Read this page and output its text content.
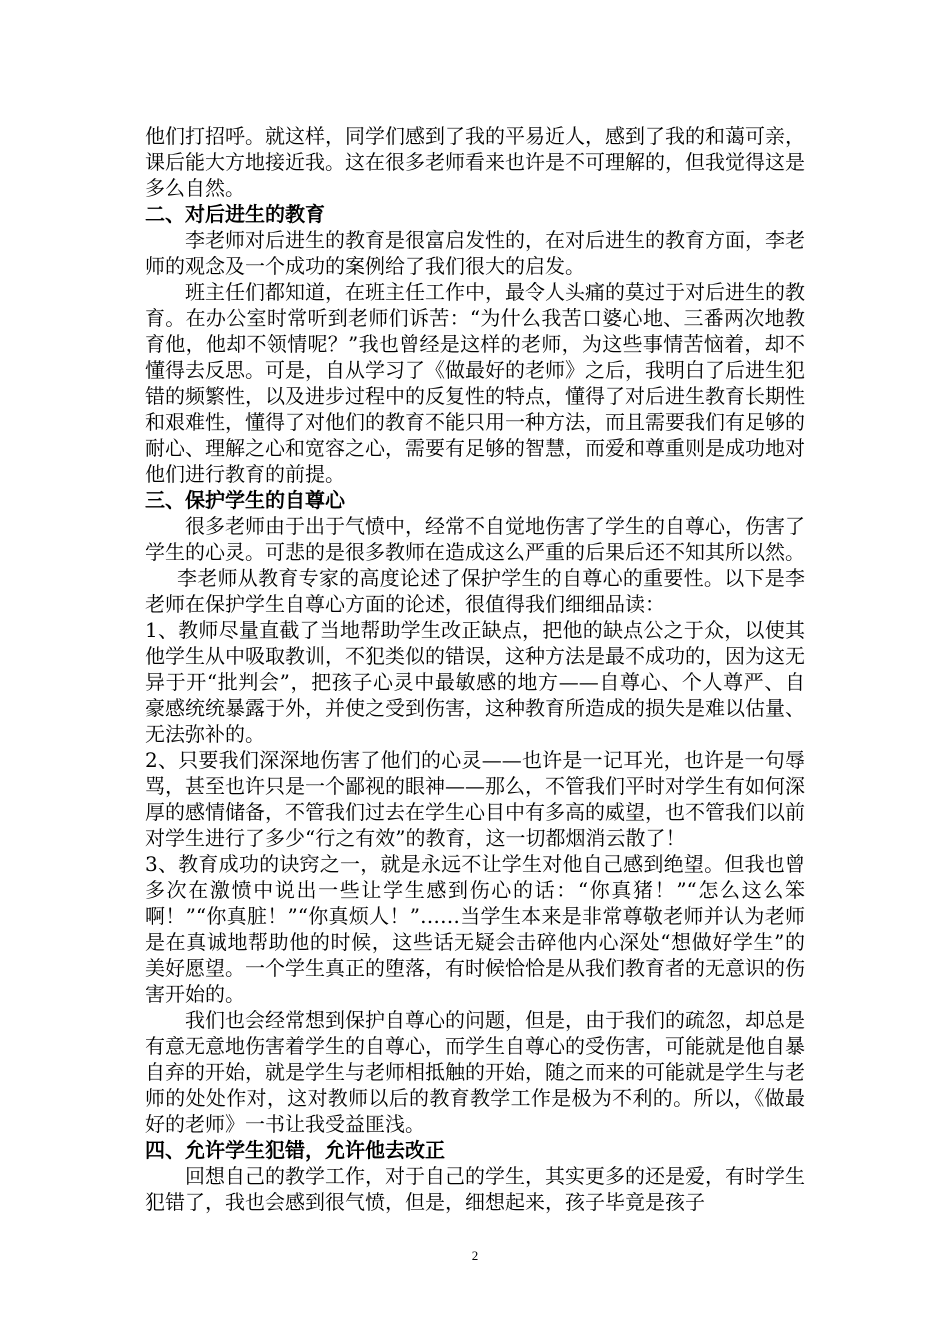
他们打招呼。就这样，同学们感到了我的平易近人，感到了我的和蔼可亲，课后能大方地接近我。这在很多老师看来也许是不可理解的，但我觉得这是多么自然。

二、对后进生的教育

李老师对后进生的教育是很富启发性的，在对后进生的教育方面，李老师的观念及一个成功的案例给了我们很大的启发。

班主任们都知道，在班主任工作中，最令人头痛的莫过于对后进生的教育。在办公室时常听到老师们诉苦：“为什么我苦口婆心地、三番两次地教育他，他却不领情呢？”我也曾经是这样的老师，为这些事情苦恼着，却不懂得去反思。可是，自从学习了《做最好的老师》之后，我明白了后进生犯错的频繁性，以及进步过程中的反复性的特点，懂得了对后进生教育长期性和艰难性，懂得了对他们的教育不能只用一种方法，而且需要我们有足够的耐心、理解之心和宽容之心，需要有足够的智慧，而爱和尊重则是成功地对他们进行教育的前提。

三、保护学生的自尊心

很多老师由于出于气愤中，经常不自觉地伤害了学生的自尊心，伤害了学生的心灵。可悲的是很多教师在造成这么严重的后果后还不知其所以然。

李老师从教育专家的高度论述了保护学生的自尊心的重要性。以下是李老师在保护学生自尊心方面的论述，很值得我们细细品读：

1、教师尽量直截了当地帮助学生改正缺点，把他的缺点公之于众，以使其他学生从中吸取教训，不犯类似的错误，这种方法是最不成功的，因为这无异于开“批判会”，把孩子心灵中最敏感的地方——自尊心、个人尊严、自豪感统统暴露于外，并使之受到伤害，这种教育所造成的损失是难以估量、无法弥补的。

2、只要我们深深地伤害了他们的心灵——也许是一记耳光，也许是一句辱骂，甚至也许只是一个鄙视的眼神——那么，不管我们平时对学生有如何深厚的感情储备，不管我们过去在学生心目中有多高的威望，也不管我们以前对学生进行了多少“行之有效”的教育，这一切都烟消云散了！

3、教育成功的诀窍之一，就是永远不让学生对他自己感到绝望。但我也曾多次在激愤中说出一些让学生感到伤心的话：“你真猪！”“怎么这么笨啊！”“你真脏！”“你真烦人！”……当学生本来是非常尊敬老师并认为老师是在真诚地帮助他的时候，这些话无疑会击碎他内心深处“想做好学生”的美好愿望。一个学生真正的堕落，有时候恰恰是从我们教育者的无意识的伤害开始的。

我们也会经常想到保护自尊心的问题，但是，由于我们的疏忽，却总是有意无意地伤害着学生的自尊心，而学生自尊心的受伤害，可能就是他自暴自弃的开始，就是学生与老师相抵触的开始，随之而来的可能就是学生与老师的处处作对，这对教师以后的教育教学工作是极为不利的。所以，《做最好的老师》一书让我受益匪浅。

四、允许学生犯错，允许他去改正

回想自己的教学工作，对于自己的学生，其实更多的还是爱，有时学生犯错了，我也会感到很气愤，但是，细想起来，孩子毕竟是孩子

2
